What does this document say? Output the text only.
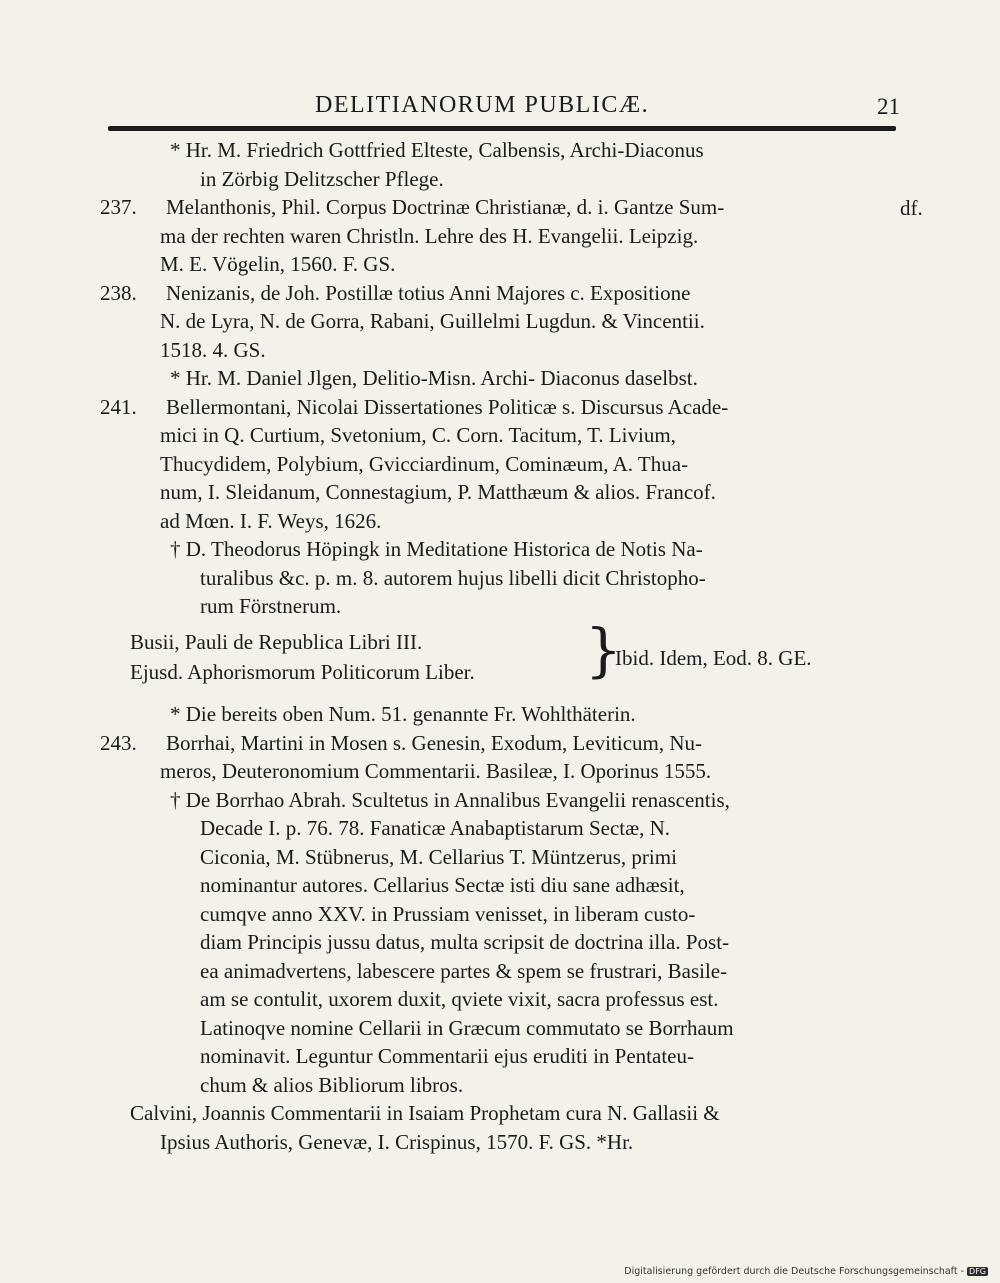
DELITIANORUM PUBLICÆ.	21
df.
* Hr. M. Friedrich Gottfried Elteste, Calbensis, Archi-Diaconus
in Zörbig Delitzscher Pflege.
237. Melanthonis, Phil. Corpus Doctrinæ Christianæ, d. i. Gantze Sum-
ma der rechten waren Christln. Lehre des H. Evangelii. Leipzig.
M. E. Vögelin, 1560. F. GS.
238. Nenizanis, de Joh. Postillæ totius Anni Majores c. Expositione
N. de Lyra, N. de Gorra, Rabani, Guillelmi Lugdun. & Vincentii.
1518. 4. GS.
* Hr. M. Daniel Jlgen, Delitio-Misn. Archi- Diaconus daselbst.
241. Bellermontani, Nicolai Dissertationes Politicæ s. Discursus Acade-
mici in Q. Curtium, Svetonium, C. Corn. Tacitum, T. Livium,
Thucydidem, Polybium, Gvicciardinum, Cominæum, A. Thua-
num, I. Sleidanum, Connestagium, P. Matthæum & alios. Francof.
ad Mœn. I. F. Weys, 1626.
† D. Theodorus Höpingk in Meditatione Historica de Notis Na-
turalibus &c. p. m. 8. autorem hujus libelli dicit Christopho-
rum Förstnerum.
Busii, Pauli de Republica Libri III.
Ejusd. Aphorismorum Politicorum Liber. }
Ibid. Idem, Eod. 8. GE.
* Die bereits oben Num. 51. genannte Fr. Wohlthäterin.
243. Borrhai, Martini in Mosen s. Genesin, Exodum, Leviticum, Nu-
meros, Deuteronomium Commentarii. Basileæ, I. Oporinus 1555.
† De Borrhao Abrah. Scultetus in Annalibus Evangelii renascentis,
Decade I. p. 76. 78. Fanaticæ Anabaptistarum Sectæ, N.
Ciconia, M. Stübnerus, M. Cellarius T. Müntzerus, primi
nominantur autores. Cellarius Sectæ isti diu sane adhæsit,
cumqve anno XXV. in Prussiam venisset, in liberam custo-
diam Principis jussu datus, multa scripsit de doctrina illa. Post-
ea animadvertens, labescere partes & spem se frustrari, Basile-
am se contulit, uxorem duxit, qviete vixit, sacra professus est.
Latinoqve nomine Cellarii in Græcum commutato se Borrhaum
nominavit. Leguntur Commentarii ejus eruditi in Pentateu-
chum & alios Bibliorum libros.
Calvini, Joannis Commentarii in Isaiam Prophetam cura N. Gallasii &
Ipsius Authoris, Genevæ, I. Crispinus, 1570. F. GS. *Hr.
Digitalisierung gefördert durch die Deutsche Forschungsgemeinschaft - DFG
